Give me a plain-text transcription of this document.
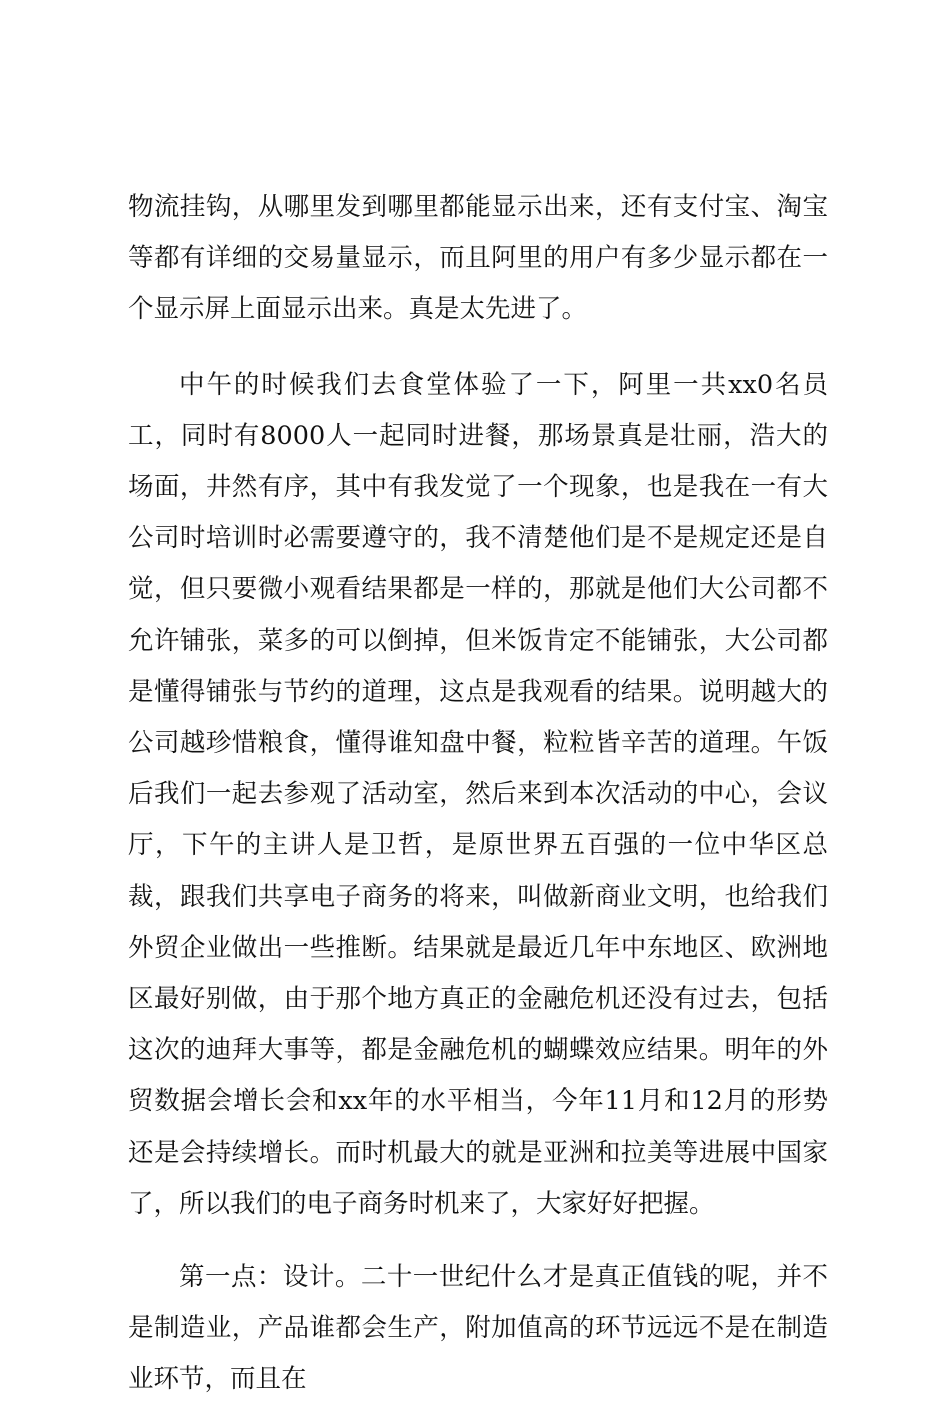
物流挂钩，从哪里发到哪里都能显示出来，还有支付宝、淘宝等都有详细的交易量显示，而且阿里的用户有多少显示都在一个显示屏上面显示出来。真是太先进了。

中午的时候我们去食堂体验了一下，阿里一共xx0名员工，同时有8000人一起同时进餐，那场景真是壮丽，浩大的场面，井然有序，其中有我发觉了一个现象，也是我在一有大公司时培训时必需要遵守的，我不清楚他们是不是规定还是自觉，但只要微小观看结果都是一样的，那就是他们大公司都不允许铺张，菜多的可以倒掉，但米饭肯定不能铺张，大公司都是懂得铺张与节约的道理，这点是我观看的结果。说明越大的公司越珍惜粮食，懂得谁知盘中餐，粒粒皆辛苦的道理。午饭后我们一起去参观了活动室，然后来到本次活动的中心，会议厅，下午的主讲人是卫哲，是原世界五百强的一位中华区总裁，跟我们共享电子商务的将来，叫做新商业文明，也给我们外贸企业做出一些推断。结果就是最近几年中东地区、欧洲地区最好别做，由于那个地方真正的金融危机还没有过去，包括这次的迪拜大事等，都是金融危机的蝴蝶效应结果。明年的外贸数据会增长会和xx年的水平相当，今年11月和12月的形势还是会持续增长。而时机最大的就是亚洲和拉美等进展中国家了，所以我们的电子商务时机来了，大家好好把握。

第一点：设计。二十一世纪什么才是真正值钱的呢，并不是制造业，产品谁都会生产，附加值高的环节远远不是在制造业环节，而且在
